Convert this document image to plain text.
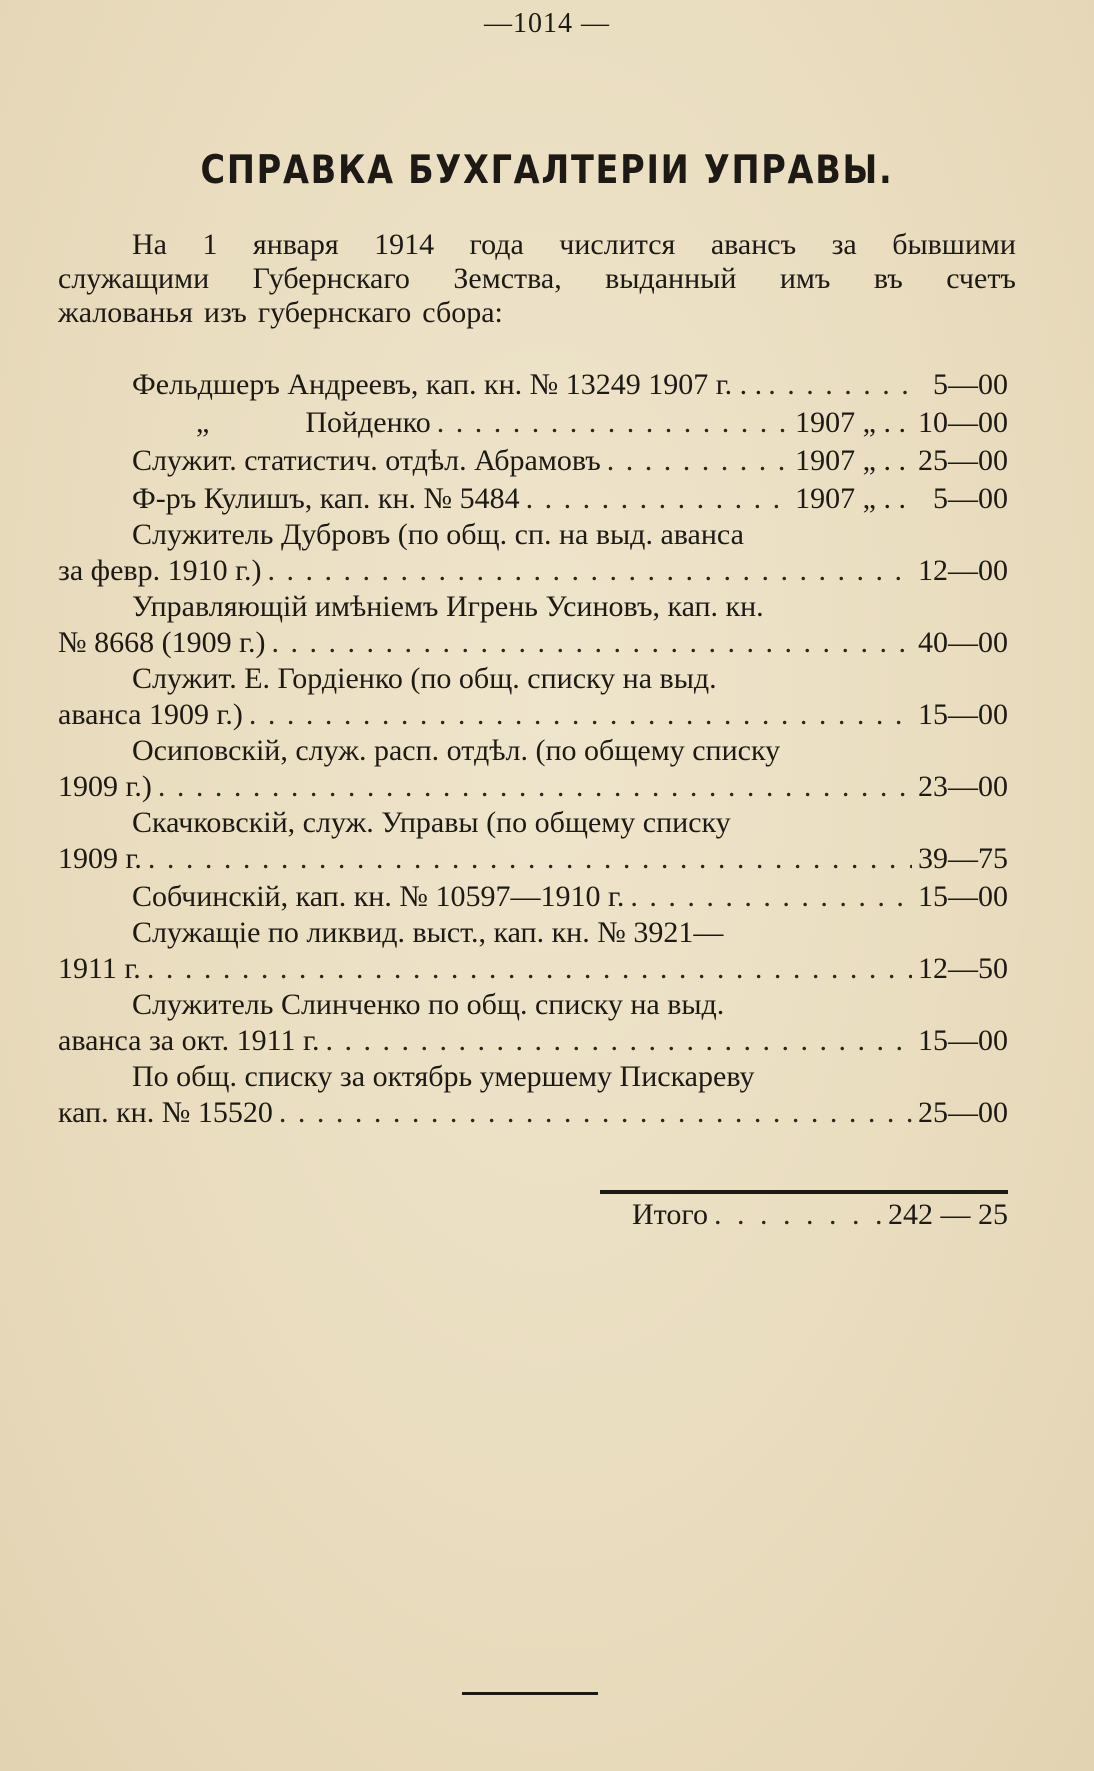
—1014 —
СПРАВКА БУХГАЛТЕРІИ УПРАВЫ.
На 1 января 1914 года числится авансъ за бывшими
служащими Губернскаго Земства, выданный имъ въ счетъ
жалованья изъ губернскаго сбора:
Фельдшеръ Андреевъ, кап. кн. № 13249 1907 г. . . . . .	5—00
„	Пойденко . . .	1907 „ . . 10—00
Служит. статистич. отдѣл. Абрамовъ . . .	1907 „ . . 25—00
Ф-ръ Кулишъ, кап. кн. № 5484 . . .	1907 „ . . 5—00
Служитель Дубровъ (по общ. сп. на выд. аванса
за февр. 1910 г.) . . .	12—00
Управляющій имѣніемъ Игрень Усиновъ, кап. кн.
№ 8668 (1909 г.) . . .	40—00
Служит. Е. Гордіенко (по общ. списку на выд.
аванса 1909 г.) . . .	15—00
Осиповскій, служ. расп. отдѣл. (по общему списку
1909 г.) . . .	23—00
Скачковскій, служ. Управы (по общему списку
1909 г. . . .	39—75
Собчинскій, кап. кн. № 10597—1910 г. . . .	15—00
Служащіе по ликвид. выст., кап. кн. № 3921—
1911 г. . . .	12—50
Служитель Слинченко по общ. списку на выд.
аванса за окт. 1911 г. . . .	15—00
По общ. списку за октябрь умершему Пискареву
кап. кн. № 15520 . . .	25—00
Итого . . .	242 — 25
